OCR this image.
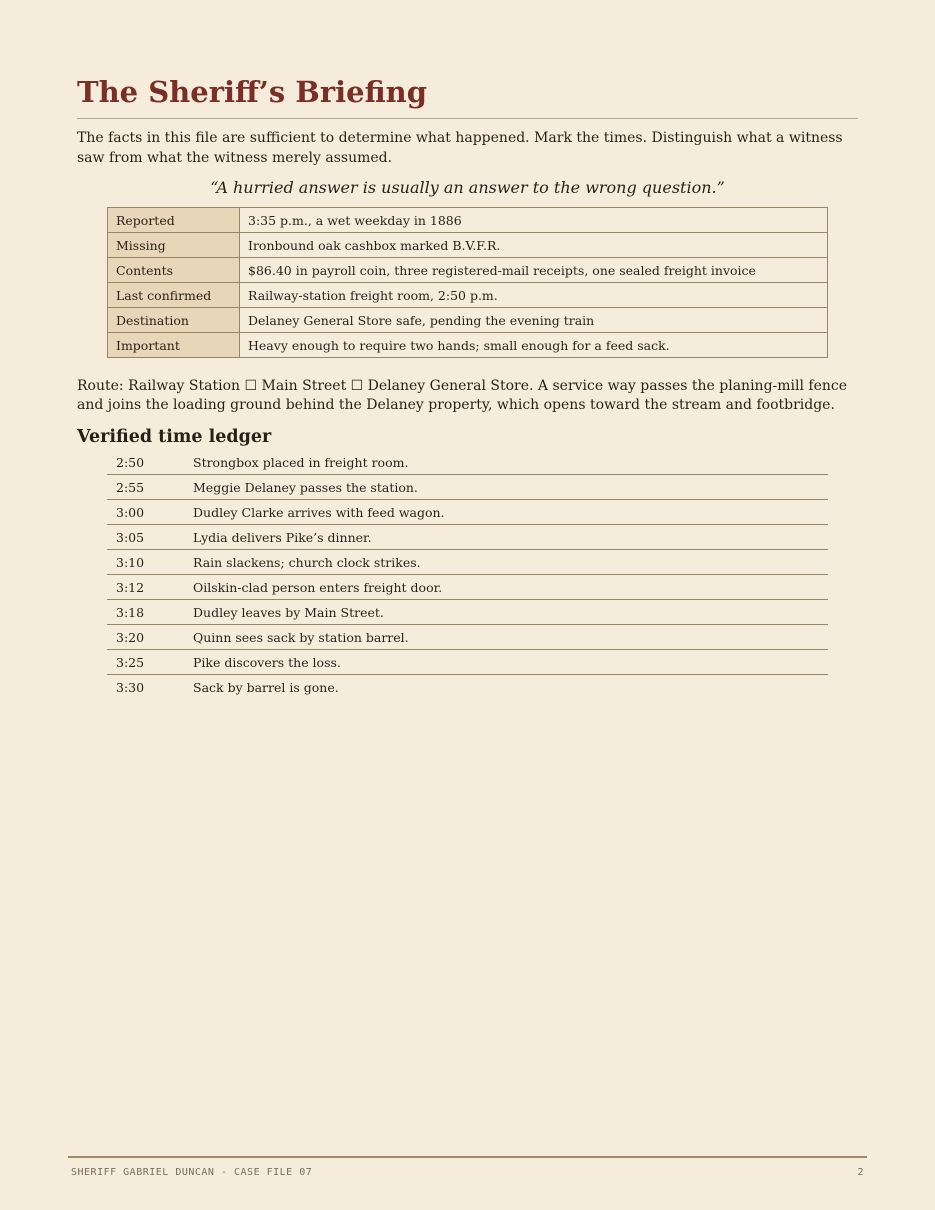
The Sheriff’s Briefing

The facts in this file are sufficient to determine what happened. Mark the times. Distinguish what a witness saw from what the witness merely assumed.

“A hurried answer is usually an answer to the wrong question.”

Reported	3:35 p.m., a wet weekday in 1886
Missing	Ironbound oak cashbox marked B.V.F.R.
Contents	$86.40 in payroll coin, three registered-mail receipts, one sealed freight invoice
Last confirmed	Railway-station freight room, 2:50 p.m.
Destination	Delaney General Store safe, pending the evening train
Important	Heavy enough to require two hands; small enough for a feed sack.

Route: Railway Station ☐ Main Street ☐ Delaney General Store. A service way passes the planing-mill fence and joins the loading ground behind the Delaney property, which opens toward the stream and footbridge.

Verified time ledger
2:50	Strongbox placed in freight room.
2:55	Meggie Delaney passes the station.
3:00	Dudley Clarke arrives with feed wagon.
3:05	Lydia delivers Pike’s dinner.
3:10	Rain slackens; church clock strikes.
3:12	Oilskin-clad person enters freight door.
3:18	Dudley leaves by Main Street.
3:20	Quinn sees sack by station barrel.
3:25	Pike discovers the loss.
3:30	Sack by barrel is gone.
SHERIFF GABRIEL DUNCAN - CASE FILE 07	2
